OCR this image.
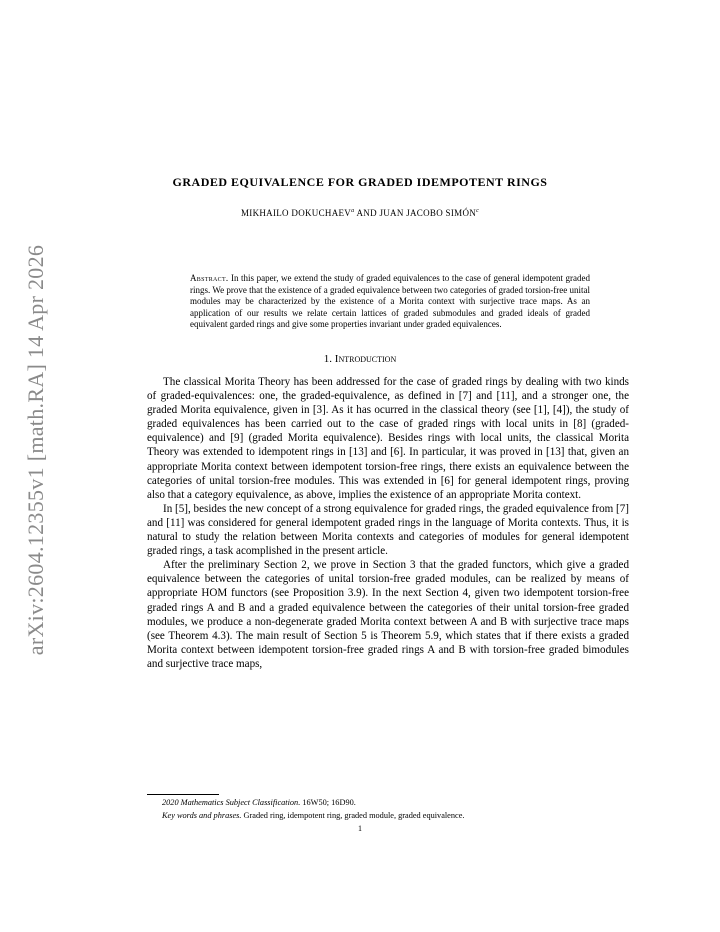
arXiv:2604.12355v1 [math.RA] 14 Apr 2026
GRADED EQUIVALENCE FOR GRADED IDEMPOTENT RINGS
MIKHAILO DOKUCHAEV$^a$ AND JUAN JACOBO SIMÓN$^c$
Abstract. In this paper, we extend the study of graded equivalences to the case of general idempotent graded rings. We prove that the existence of a graded equivalence between two categories of graded torsion-free unital modules may be characterized by the existence of a Morita context with surjective trace maps. As an application of our results we relate certain lattices of graded submodules and graded ideals of graded equivalent garded rings and give some properties invariant under graded equivalences.
1. Introduction

The classical Morita Theory has been addressed for the case of graded rings by dealing with two kinds of graded-equivalences: one, the graded-equivalence, as defined in [7] and [11], and a stronger one, the graded Morita equivalence, given in [3]. As it has ocurred in the classical theory (see [1], [4]), the study of graded equivalences has been carried out to the case of graded rings with local units in [8] (graded-equivalence) and [9] (graded Morita equivalence). Besides rings with local units, the classical Morita Theory was extended to idempotent rings in [13] and [6]. In particular, it was proved in [13] that, given an appropriate Morita context between idempotent torsion-free rings, there exists an equivalence between the categories of unital torsion-free modules. This was extended in [6] for general idempotent rings, proving also that a category equivalence, as above, implies the existence of an appropriate Morita context.

In [5], besides the new concept of a strong equivalence for graded rings, the graded equivalence from [7] and [11] was considered for general idempotent graded rings in the language of Morita contexts. Thus, it is natural to study the relation between Morita contexts and categories of modules for general idempotent graded rings, a task acomplished in the present article.

After the preliminary Section 2, we prove in Section 3 that the graded functors, which give a graded equivalence between the categories of unital torsion-free graded modules, can be realized by means of appropriate HOM functors (see Proposition 3.9). In the next Section 4, given two idempotent torsion-free graded rings A and B and a graded equivalence between the categories of their unital torsion-free graded modules, we produce a non-degenerate graded Morita context between A and B with surjective trace maps (see Theorem 4.3). The main result of Section 5 is Theorem 5.9, which states that if there exists a graded Morita context between idempotent torsion-free graded rings A and B with torsion-free graded bimodules and surjective trace maps,

2020 Mathematics Subject Classification. 16W50; 16D90.
Key words and phrases. Graded ring, idempotent ring, graded module, graded equivalence.
1
